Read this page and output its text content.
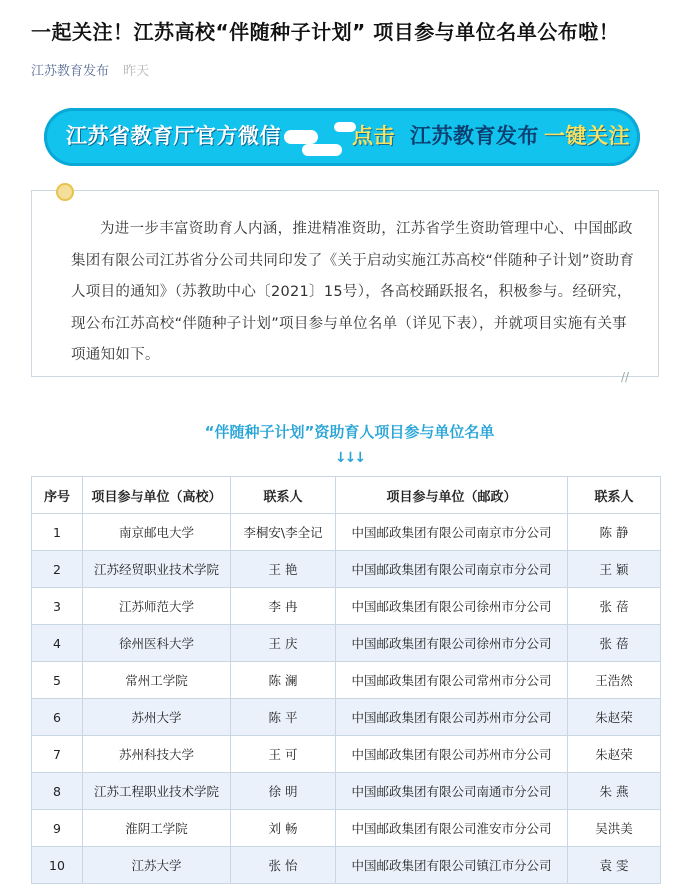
一起关注！江苏高校“伴随种子计划” 项目参与单位名单公布啦！
江苏教育发布 昨天
江苏省教育厅官方微信	点击 江苏教育发布 一键关注
为进一步丰富资助育人内涵，推进精准资助，江苏省学生资助管理中心、中国邮政集团有限公司江苏省分公司共同印发了《关于启动实施江苏高校“伴随种子计划”资助育人项目的通知》（苏教助中心〔2021〕15号），各高校踊跃报名，积极参与。经研究，现公布江苏高校“伴随种子计划”项目参与单位名单（详见下表），并就项目实施有关事项通知如下。
//
“伴随种子计划”资助育人项目参与单位名单
↓↓↓
序号	项目参与单位（高校）	联系人	项目参与单位（邮政）	联系人
1	南京邮电大学	李桐安\李全记	中国邮政集团有限公司南京市分公司	陈 静
2	江苏经贸职业技术学院	王 艳	中国邮政集团有限公司南京市分公司	王 颖
3	江苏师范大学	李 冉	中国邮政集团有限公司徐州市分公司	张 蓓
4	徐州医科大学	王 庆	中国邮政集团有限公司徐州市分公司	张 蓓
5	常州工学院	陈 澜	中国邮政集团有限公司常州市分公司	王浩然
6	苏州大学	陈 平	中国邮政集团有限公司苏州市分公司	朱赵荣
7	苏州科技大学	王 可	中国邮政集团有限公司苏州市分公司	朱赵荣
8	江苏工程职业技术学院	徐 明	中国邮政集团有限公司南通市分公司	朱 燕
9	淮阴工学院	刘 畅	中国邮政集团有限公司淮安市分公司	吴洪美
10	江苏大学	张 怡	中国邮政集团有限公司镇江市分公司	袁 雯
